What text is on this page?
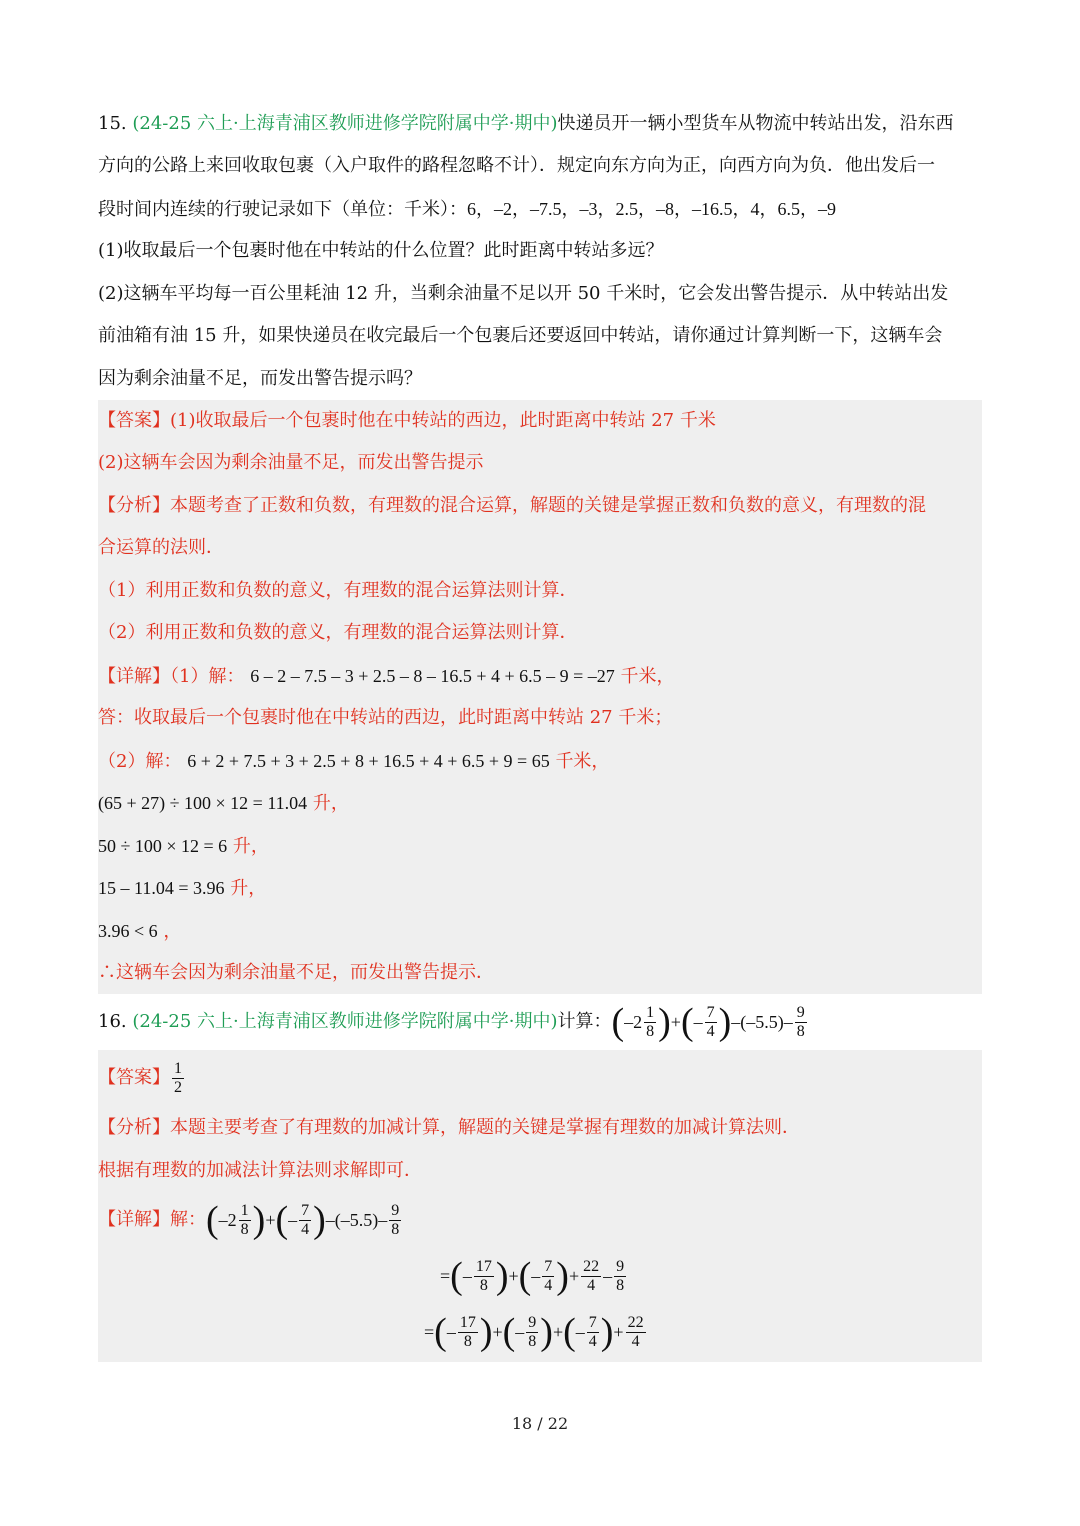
15. (24-25 六上·上海青浦区教师进修学院附属中学·期中)快递员开一辆小型货车从物流中转站出发，沿东西
方向的公路上来回收取包裹（入户取件的路程忽略不计）．规定向东方向为正，向西方向为负．他出发后一
段时间内连续的行驶记录如下（单位：千米）：6，–2，–7.5，–3，2.5，–8，–16.5，4，6.5，–9
(1)收取最后一个包裹时他在中转站的什么位置？此时距离中转站多远？
(2)这辆车平均每一百公里耗油 12 升，当剩余油量不足以开 50 千米时，它会发出警告提示．从中转站出发
前油箱有油 15 升，如果快递员在收完最后一个包裹后还要返回中转站，请你通过计算判断一下，这辆车会
因为剩余油量不足，而发出警告提示吗？
【答案】(1)收取最后一个包裹时他在中转站的西边，此时距离中转站 27 千米
(2)这辆车会因为剩余油量不足，而发出警告提示
【分析】本题考查了正数和负数，有理数的混合运算，解题的关键是掌握正数和负数的意义，有理数的混
合运算的法则．
（1）利用正数和负数的意义，有理数的混合运算法则计算．
（2）利用正数和负数的意义，有理数的混合运算法则计算．
【详解】（1）解： 6 – 2 – 7.5 – 3 + 2.5 – 8 – 16.5 + 4 + 6.5 – 9 = –27 千米，
答：收取最后一个包裹时他在中转站的西边，此时距离中转站 27 千米；
（2）解： 6 + 2 + 7.5 + 3 + 2.5 + 8 + 16.5 + 4 + 6.5 + 9 = 65 千米，
(65 + 27) ÷ 100 × 12 = 11.04 升，
50 ÷ 100 × 12 = 6 升，
15 – 11.04 = 3.96 升，
3.96 < 6 ，
∴这辆车会因为剩余油量不足，而发出警告提示．
16.
(24-25 六上·上海青浦区教师进修学院附属中学·期中) 计算： ( $-2 \frac{1}{8}$ ) + ( – $\frac{7}{4}$ ) $-(-5.5)- \frac{9}{8}$
【答案】 $\frac{1}{2}$
【分析】本题主要考查了有理数的加减计算，解题的关键是掌握有理数的加减计算法则．
根据有理数的加减法计算法则求解即可．
【详解】 解： ( $-2 \frac{1}{8}$ ) + ( – $\frac{7}{4}$ ) $-(-5.5)- \frac{9}{8}$
= ( – $\frac{17}{8}$ ) + ( – $\frac{7}{4}$ ) + $\frac{22}{4} - \frac{9}{8}$
= ( – $\frac{17}{8}$ ) + ( – $\frac{9}{8}$ ) + ( – $\frac{7}{4}$ ) + $\frac{22}{4}$
18 / 22
